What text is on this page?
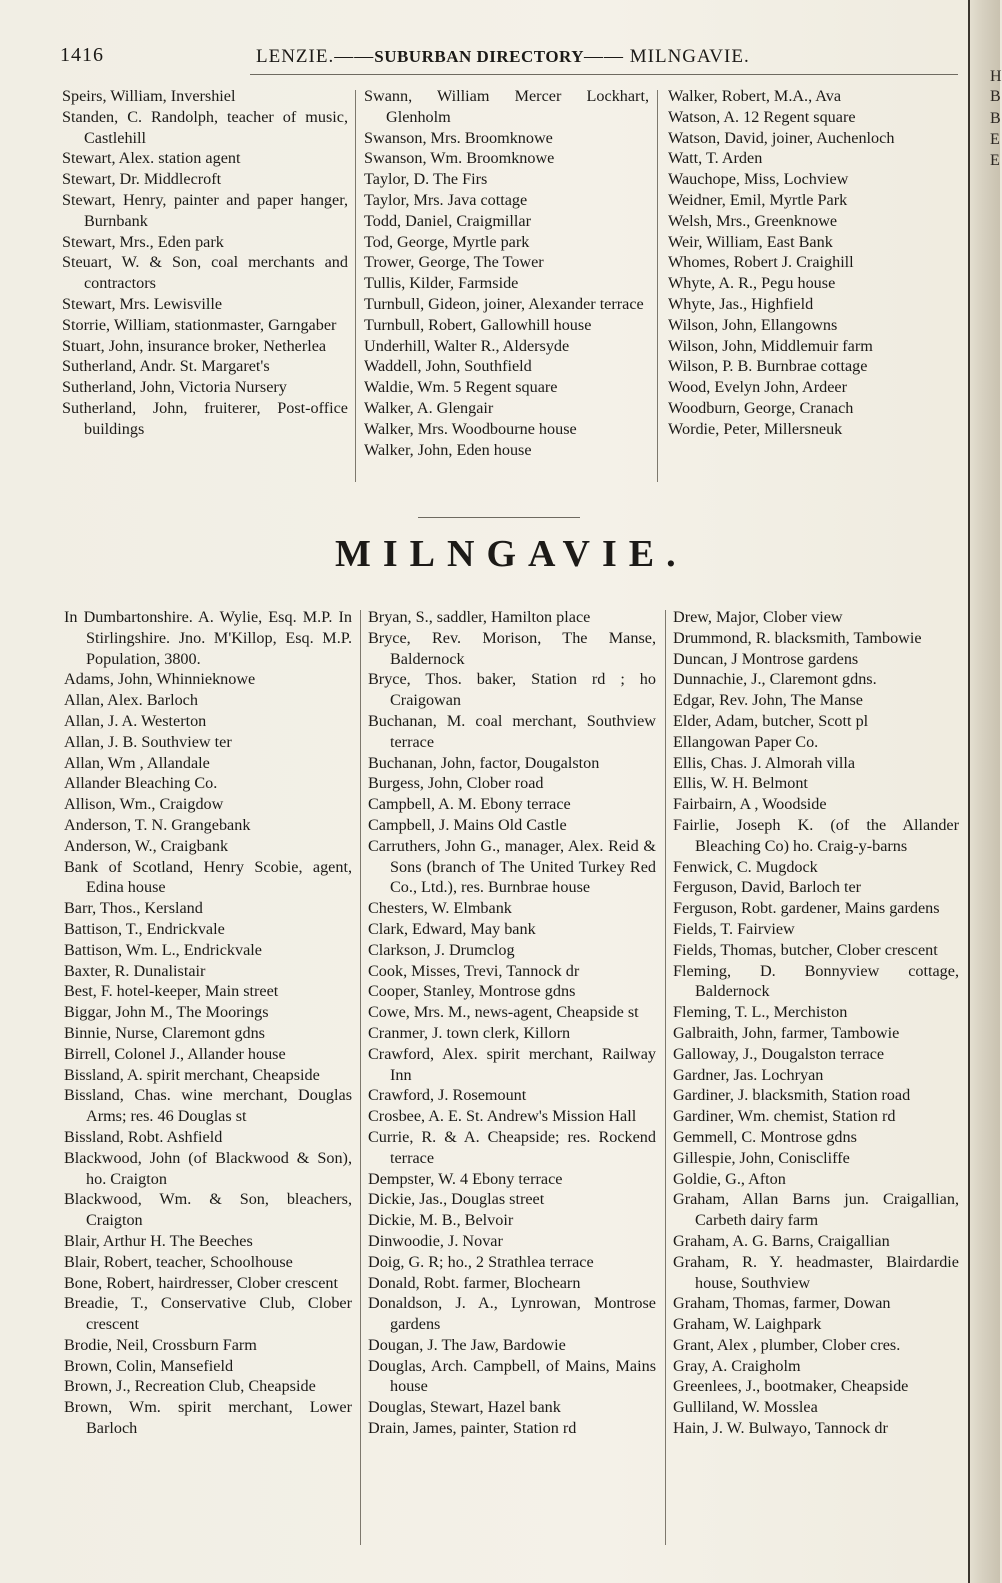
1416	LENZIE.——SUBURBAN DIRECTORY—— MILNGAVIE.
Speirs, William, Invershiel
Standen, C. Randolph, teacher of music, Castlehill
Stewart, Alex. station agent
Stewart, Dr. Middlecroft
Stewart, Henry, painter and paper hanger, Burnbank
Stewart, Mrs., Eden park
Steuart, W. & Son, coal merchants and contractors
Stewart, Mrs. Lewisville
Storrie, William, stationmaster, Garngaber
Stuart, John, insurance broker, Netherlea
Sutherland, Andr. St. Margaret's
Sutherland, John, Victoria Nursery
Sutherland, John, fruiterer, Post-office buildings
Swann, William Mercer Lockhart, Glenholm
Swanson, Mrs. Broomknowe
Swanson, Wm. Broomknowe
Taylor, D. The Firs
Taylor, Mrs. Java cottage
Todd, Daniel, Craigmillar
Tod, George, Myrtle park
Trower, George, The Tower
Tullis, Kilder, Farmside
Turnbull, Gideon, joiner, Alexander terrace
Turnbull, Robert, Gallowhill house
Underhill, Walter R., Aldersyde
Waddell, John, Southfield
Waldie, Wm. 5 Regent square
Walker, A. Glengair
Walker, Mrs. Woodbourne house
Walker, John, Eden house
Walker, Robert, M.A., Ava
Watson, A. 12 Regent square
Watson, David, joiner, Auchenloch
Watt, T. Arden
Wauchope, Miss, Lochview
Weidner, Emil, Myrtle Park
Welsh, Mrs., Greenknowe
Weir, William, East Bank
Whomes, Robert J. Craighill
Whyte, A. R., Pegu house
Whyte, Jas., Highfield
Wilson, John, Ellangowns
Wilson, John, Middlemuir farm
Wilson, P. B. Burnbrae cottage
Wood, Evelyn John, Ardeer
Woodburn, George, Cranach
Wordie, Peter, Millersneuk
MILNGAVIE.
In Dumbartonshire. A. Wylie, Esq. M.P. In Stirlingshire. Jno. M'Killop, Esq. M.P. Population, 3800.
Adams, John, Whinnieknowe
Allan, Alex. Barloch
Allan, J. A. Westerton
Allan, J. B. Southview ter
Allan, Wm , Allandale
Allander Bleaching Co.
Allison, Wm., Craigdow
Anderson, T. N. Grangebank
Anderson, W., Craigbank
Bank of Scotland, Henry Scobie, agent, Edina house
Barr, Thos., Kersland
Battison, T., Endrickvale
Battison, Wm. L., Endrickvale
Baxter, R. Dunalistair
Best, F. hotel-keeper, Main street
Biggar, John M., The Moorings
Binnie, Nurse, Claremont gdns
Birrell, Colonel J., Allander house
Bissland, A. spirit merchant, Cheapside
Bissland, Chas. wine merchant, Douglas Arms; res. 46 Douglas st
Bissland, Robt. Ashfield
Blackwood, John (of Blackwood & Son), ho. Craigton
Blackwood, Wm. & Son, bleachers, Craigton
Blair, Arthur H. The Beeches
Blair, Robert, teacher, Schoolhouse
Bone, Robert, hairdresser, Clober crescent
Breadie, T., Conservative Club, Clober crescent
Brodie, Neil, Crossburn Farm
Brown, Colin, Mansefield
Brown, J., Recreation Club, Cheapside
Brown, Wm. spirit merchant, Lower Barloch
Bryan, S., saddler, Hamilton place
Bryce, Rev. Morison, The Manse, Baldernock
Bryce, Thos. baker, Station rd ; ho Craigowan
Buchanan, M. coal merchant, Southview terrace
Buchanan, John, factor, Dougalston
Burgess, John, Clober road
Campbell, A. M. Ebony terrace
Campbell, J. Mains Old Castle
Carruthers, John G., manager, Alex. Reid & Sons (branch of The United Turkey Red Co., Ltd.), res. Burnbrae house
Chesters, W. Elmbank
Clark, Edward, May bank
Clarkson, J. Drumclog
Cook, Misses, Trevi, Tannock dr
Cooper, Stanley, Montrose gdns
Cowe, Mrs. M., news-agent, Cheapside st
Cranmer, J. town clerk, Killorn
Crawford, Alex. spirit merchant, Railway Inn
Crawford, J. Rosemount
Crosbee, A. E. St. Andrew's Mission Hall
Currie, R. & A. Cheapside; res. Rockend terrace
Dempster, W. 4 Ebony terrace
Dickie, Jas., Douglas street
Dickie, M. B., Belvoir
Dinwoodie, J. Novar
Doig, G. R; ho., 2 Strathlea terrace
Donald, Robt. farmer, Blochearn
Donaldson, J. A., Lynrowan, Montrose gardens
Dougan, J. The Jaw, Bardowie
Douglas, Arch. Campbell, of Mains, Mains house
Douglas, Stewart, Hazel bank
Drain, James, painter, Station rd
Drew, Major, Clober view
Drummond, R. blacksmith, Tambowie
Duncan, J Montrose gardens
Dunnachie, J., Claremont gdns.
Edgar, Rev. John, The Manse
Elder, Adam, butcher, Scott pl
Ellangowan Paper Co.
Ellis, Chas. J. Almorah villa
Ellis, W. H. Belmont
Fairbairn, A , Woodside
Fairlie, Joseph K. (of the Allander Bleaching Co) ho. Craig-y-barns
Fenwick, C. Mugdock
Ferguson, David, Barloch ter
Ferguson, Robt. gardener, Mains gardens
Fields, T. Fairview
Fields, Thomas, butcher, Clober crescent
Fleming, D. Bonnyview cottage, Baldernock
Fleming, T. L., Merchiston
Galbraith, John, farmer, Tambowie
Galloway, J., Dougalston terrace
Gardner, Jas. Lochryan
Gardiner, J. blacksmith, Station road
Gardiner, Wm. chemist, Station rd
Gemmell, C. Montrose gdns
Gillespie, John, Coniscliffe
Goldie, G., Afton
Graham, Allan Barns jun. Craigallian, Carbeth dairy farm
Graham, A. G. Barns, Craigallian
Graham, R. Y. headmaster, Blairdardie house, Southview
Graham, Thomas, farmer, Dowan
Graham, W. Laighpark
Grant, Alex , plumber, Clober cres.
Gray, A. Craigholm
Greenlees, J., bootmaker, Cheapside
Gulliland, W. Mosslea
Hain, J. W. Bulwayo, Tannock dr
H
B
B
E
E
